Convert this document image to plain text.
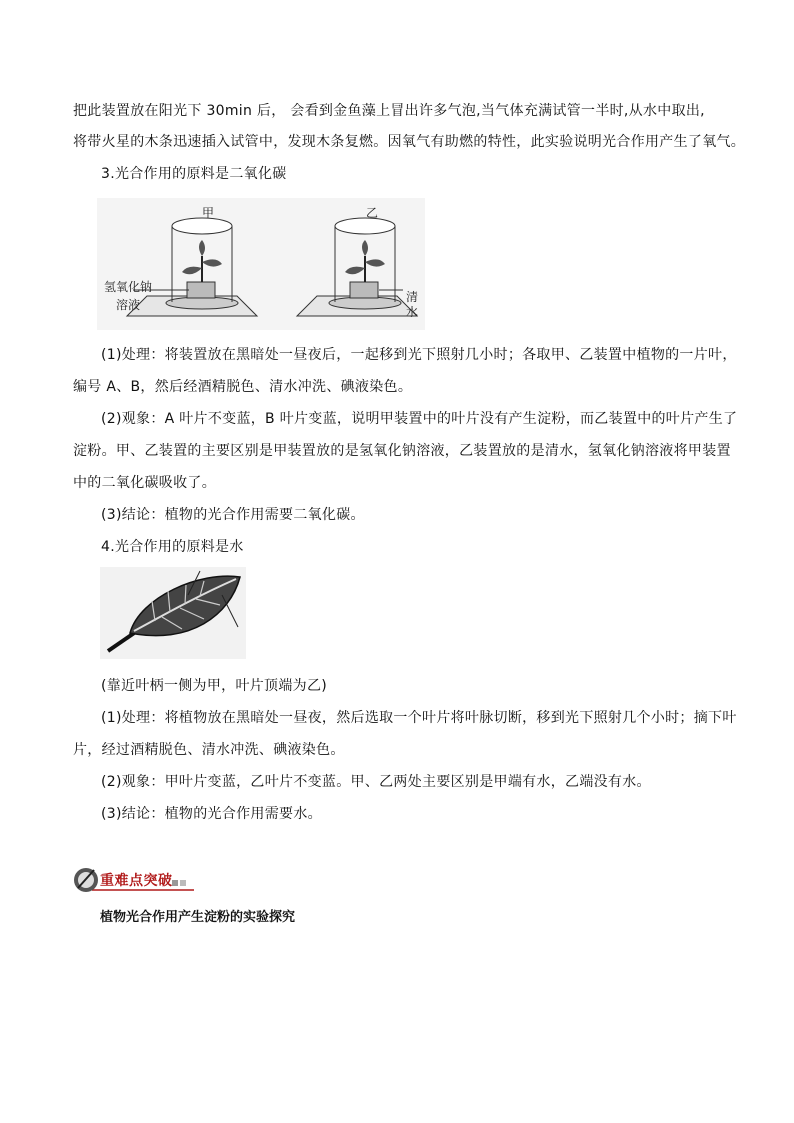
把此装置放在阳光下 30min 后， 会看到金鱼藻上冒出许多气泡,当气体充满试管一半时,从水中取出,
将带火星的木条迅速插入试管中，发现木条复燃。因氧气有助燃的特性，此实验说明光合作用产生了氧气。
3.光合作用的原料是二氧化碳
甲	乙
氢氧化钠
溶液
清
水
(1)处理：将装置放在黑暗处一昼夜后，一起移到光下照射几小时；各取甲、乙装置中植物的一片叶，
编号 A、B，然后经酒精脱色、清水冲洗、碘液染色。
(2)观象：A 叶片不变蓝，B 叶片变蓝，说明甲装置中的叶片没有产生淀粉，而乙装置中的叶片产生了
淀粉。甲、乙装置的主要区别是甲装置放的是氢氧化钠溶液，乙装置放的是清水，氢氧化钠溶液将甲装置
中的二氧化碳吸收了。
(3)结论：植物的光合作用需要二氧化碳。
4.光合作用的原料是水
(靠近叶柄一侧为甲，叶片顶端为乙)
(1)处理：将植物放在黑暗处一昼夜，然后选取一个叶片将叶脉切断，移到光下照射几个小时；摘下叶
片，经过酒精脱色、清水冲洗、碘液染色。
(2)观象：甲叶片变蓝，乙叶片不变蓝。甲、乙两处主要区别是甲端有水，乙端没有水。
(3)结论：植物的光合作用需要水。
重难点突破
植物光合作用产生淀粉的实验探究
